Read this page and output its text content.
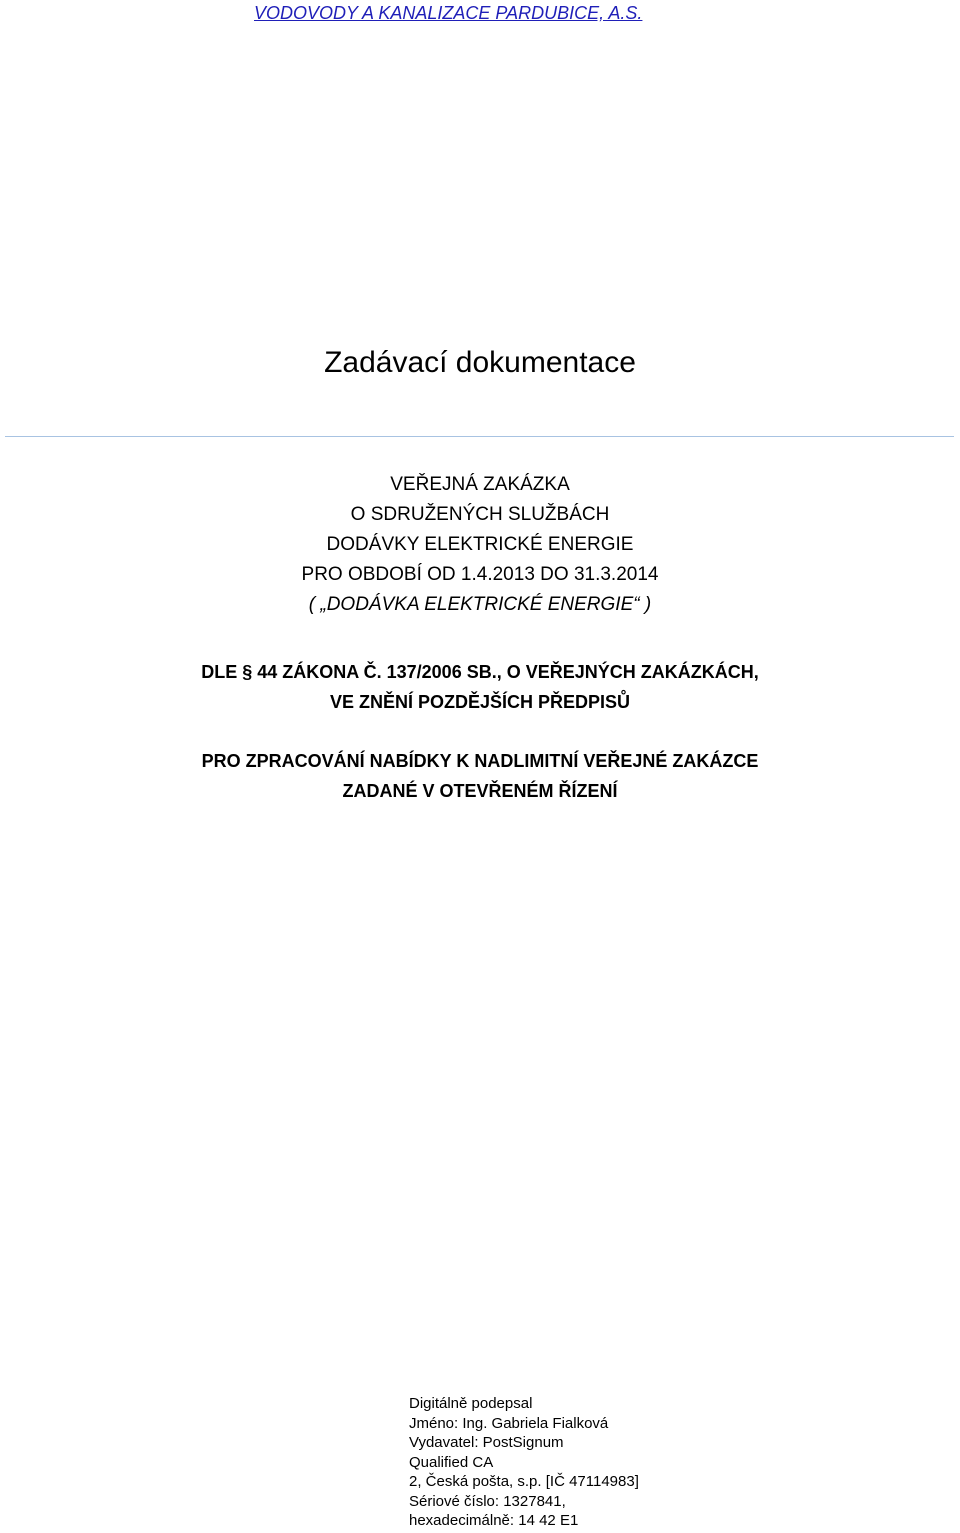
VODOVODY A KANALIZACE PARDUBICE, A.S.

Zadávací dokumentace
VEŘEJNÁ ZAKÁZKA
O SDRUŽENÝCH SLUŽBÁCH
DODÁVKY ELEKTRICKÉ ENERGIE
PRO OBDOBÍ OD 1.4.2013 DO 31.3.2014
( „DODÁVKA ELEKTRICKÉ ENERGIE“ )
DLE § 44 ZÁKONA Č. 137/2006 SB., O VEŘEJNÝCH ZAKÁZKÁCH,
VE ZNĚNÍ POZDĚJŠÍCH PŘEDPISŮ
PRO ZPRACOVÁNÍ NABÍDKY K NADLIMITNÍ VEŘEJNÉ ZAKÁZCE
ZADANÉ V OTEVŘENÉM ŘÍZENÍ
Digitálně podepsal
Jméno: Ing. Gabriela Fialková
Vydavatel: PostSignum
Qualified CA
2, Česká pošta, s.p. [IČ 47114983]
Sériové číslo: 1327841,
hexadecimálně: 14 42 E1
